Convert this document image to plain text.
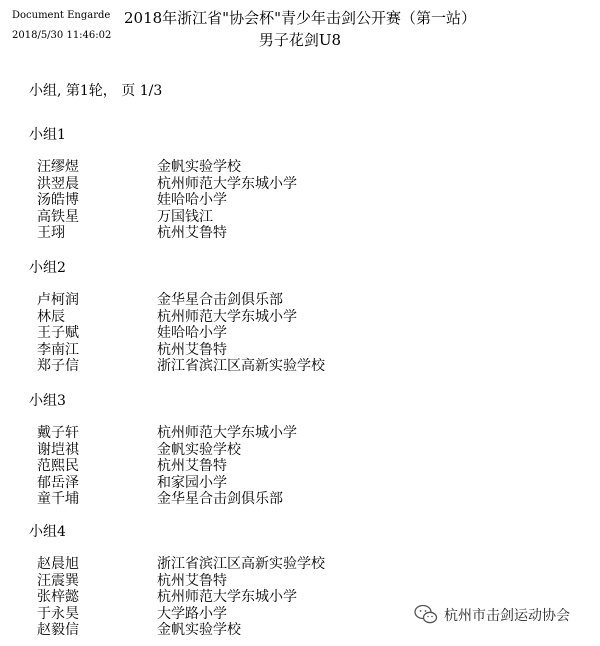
Document Engarde
2018/5/30 11:46:02
2018年浙江省"协会杯"青少年击剑公开赛（第一站）
男子花剑U8
小组, 第1轮， 页 1/3
小组1
汪缪煜	金帆实验学校
洪翌晨	杭州师范大学东城小学
汤皓博	娃哈哈小学
高铁星	万国钱江
王珝	杭州艾鲁特
小组2
卢柯润	金华星合击剑俱乐部
林辰	杭州师范大学东城小学
王子赋	娃哈哈小学
李南江	杭州艾鲁特
郑子信	浙江省滨江区高新实验学校
小组3
戴子轩	杭州师范大学东城小学
谢垲祺	金帆实验学校
范熙民	杭州艾鲁特
郁岳泽	和家园小学
童千埔	金华星合击剑俱乐部
小组4
赵晨旭	浙江省滨江区高新实验学校
汪震巽	杭州艾鲁特
张梓懿	杭州师范大学东城小学
于永昊	大学路小学
赵毅信	金帆实验学校
杭州市击剑运动协会
